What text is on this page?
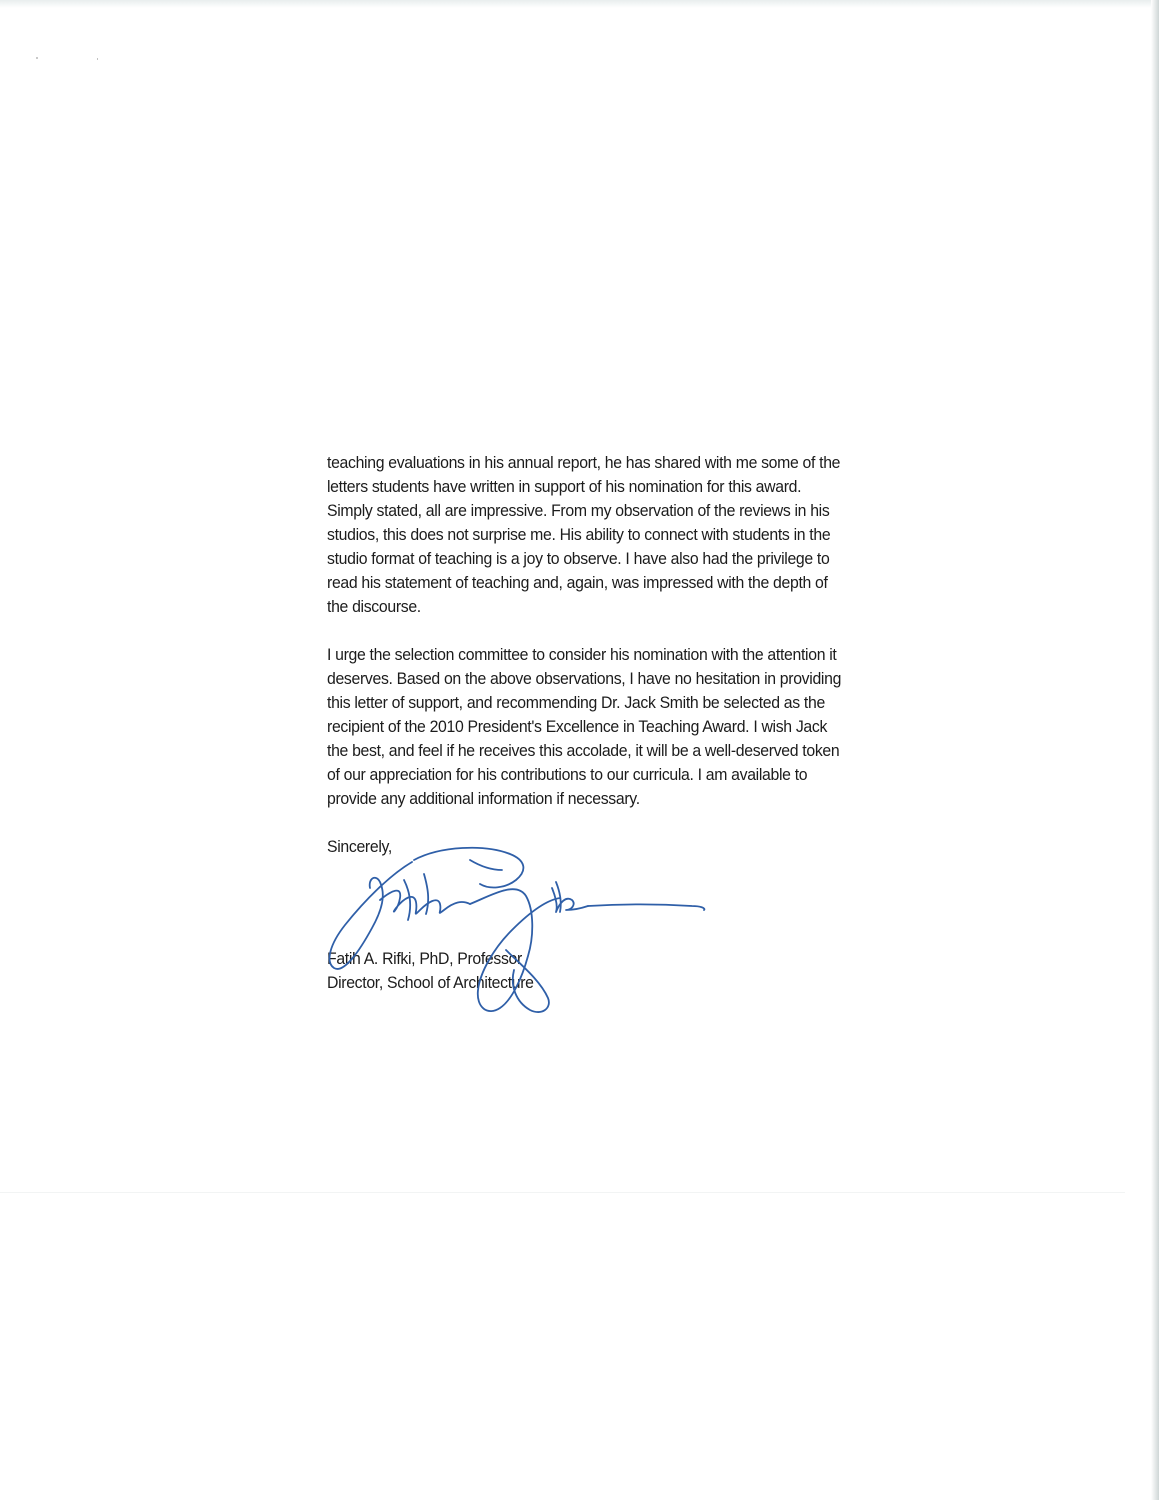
teaching evaluations in his annual report, he has shared with me some of the
letters students have written in support of his nomination for this award.
Simply stated, all are impressive. From my observation of the reviews in his
studios, this does not surprise me. His ability to connect with students in the
studio format of teaching is a joy to observe. I have also had the privilege to
read his statement of teaching and, again, was impressed with the depth of
the discourse.

I urge the selection committee to consider his nomination with the attention it
deserves. Based on the above observations, I have no hesitation in providing
this letter of support, and recommending Dr. Jack Smith be selected as the
recipient of the 2010 President's Excellence in Teaching Award. I wish Jack
the best, and feel if he receives this accolade, it will be a well-deserved token
of our appreciation for his contributions to our curricula. I am available to
provide any additional information if necessary.

Sincerely,

Fatih A. Rifki, PhD, Professor
Director, School of Architecture
